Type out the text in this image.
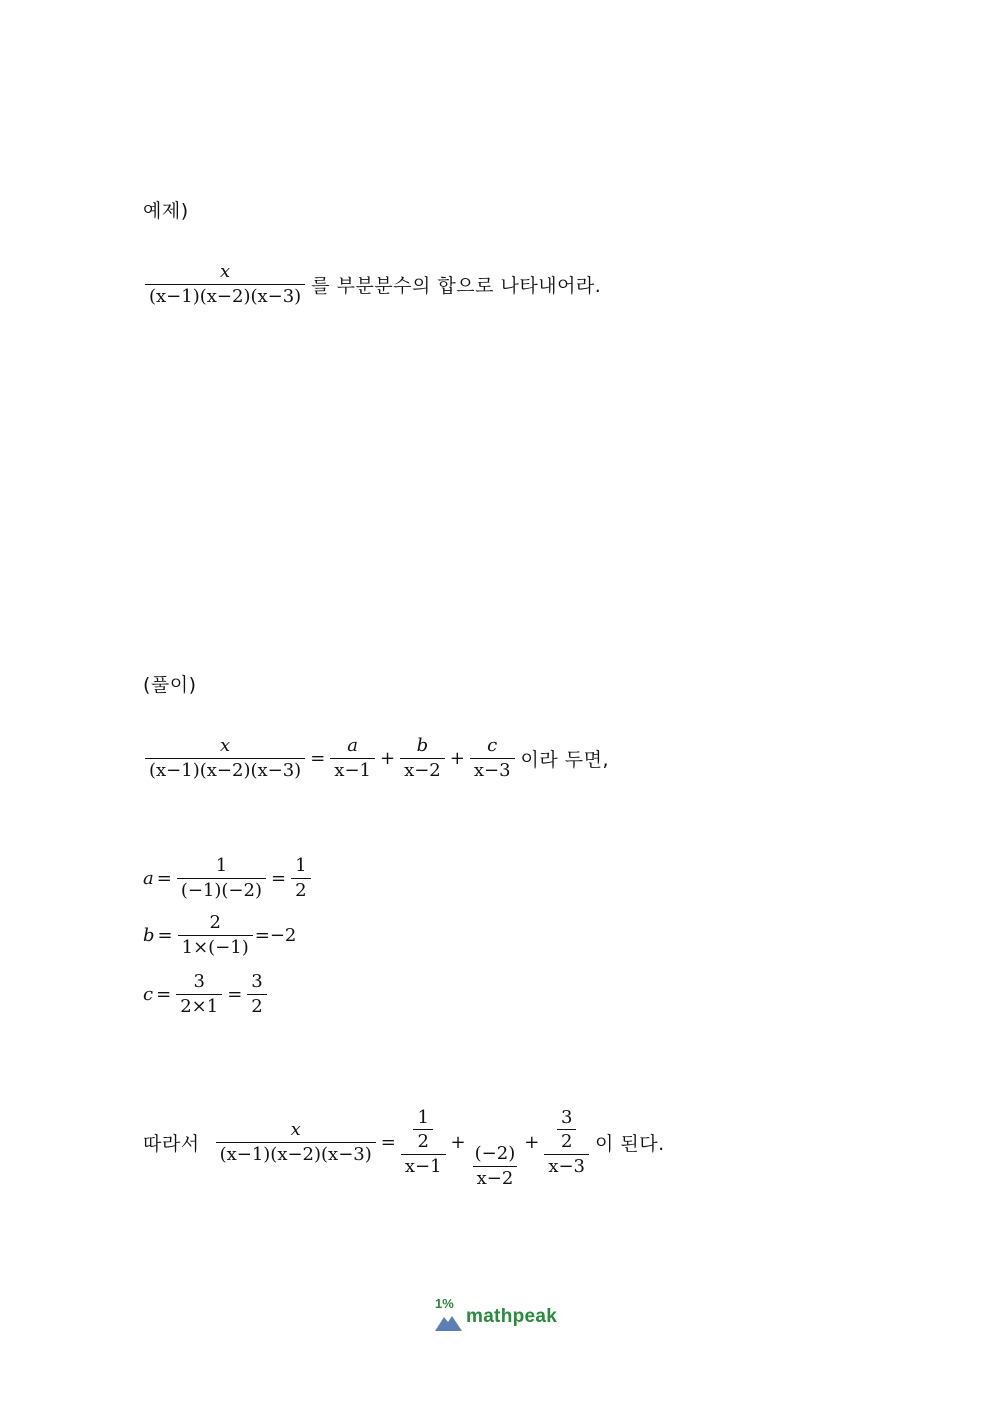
예제)
$\frac{x}{(x-1)(x-2)(x-3)}$ 를 부분분수의 합으로 나타내어라.
(풀이)
$\frac{x}{(x-1)(x-2)(x-3)} = \frac{a}{x-1} + \frac{b}{x-2} + \frac{c}{x-3}$ 이라 두면,
$a = \frac{1}{(-1)(-2)} = \frac{1}{2}$
$b = \frac{2}{1\times(-1)} =-2$
$c = \frac{3}{2\times 1} = \frac{3}{2}$
따라서 $\frac{x}{(x-1)(x-2)(x-3)} = \frac{\frac{1}{2}}{x-1}$ +
$\frac{(-2)}{x-2}$
+ $\frac{\frac{3}{2}}{x-3}$ 이 된다.
1%
mathpeak
